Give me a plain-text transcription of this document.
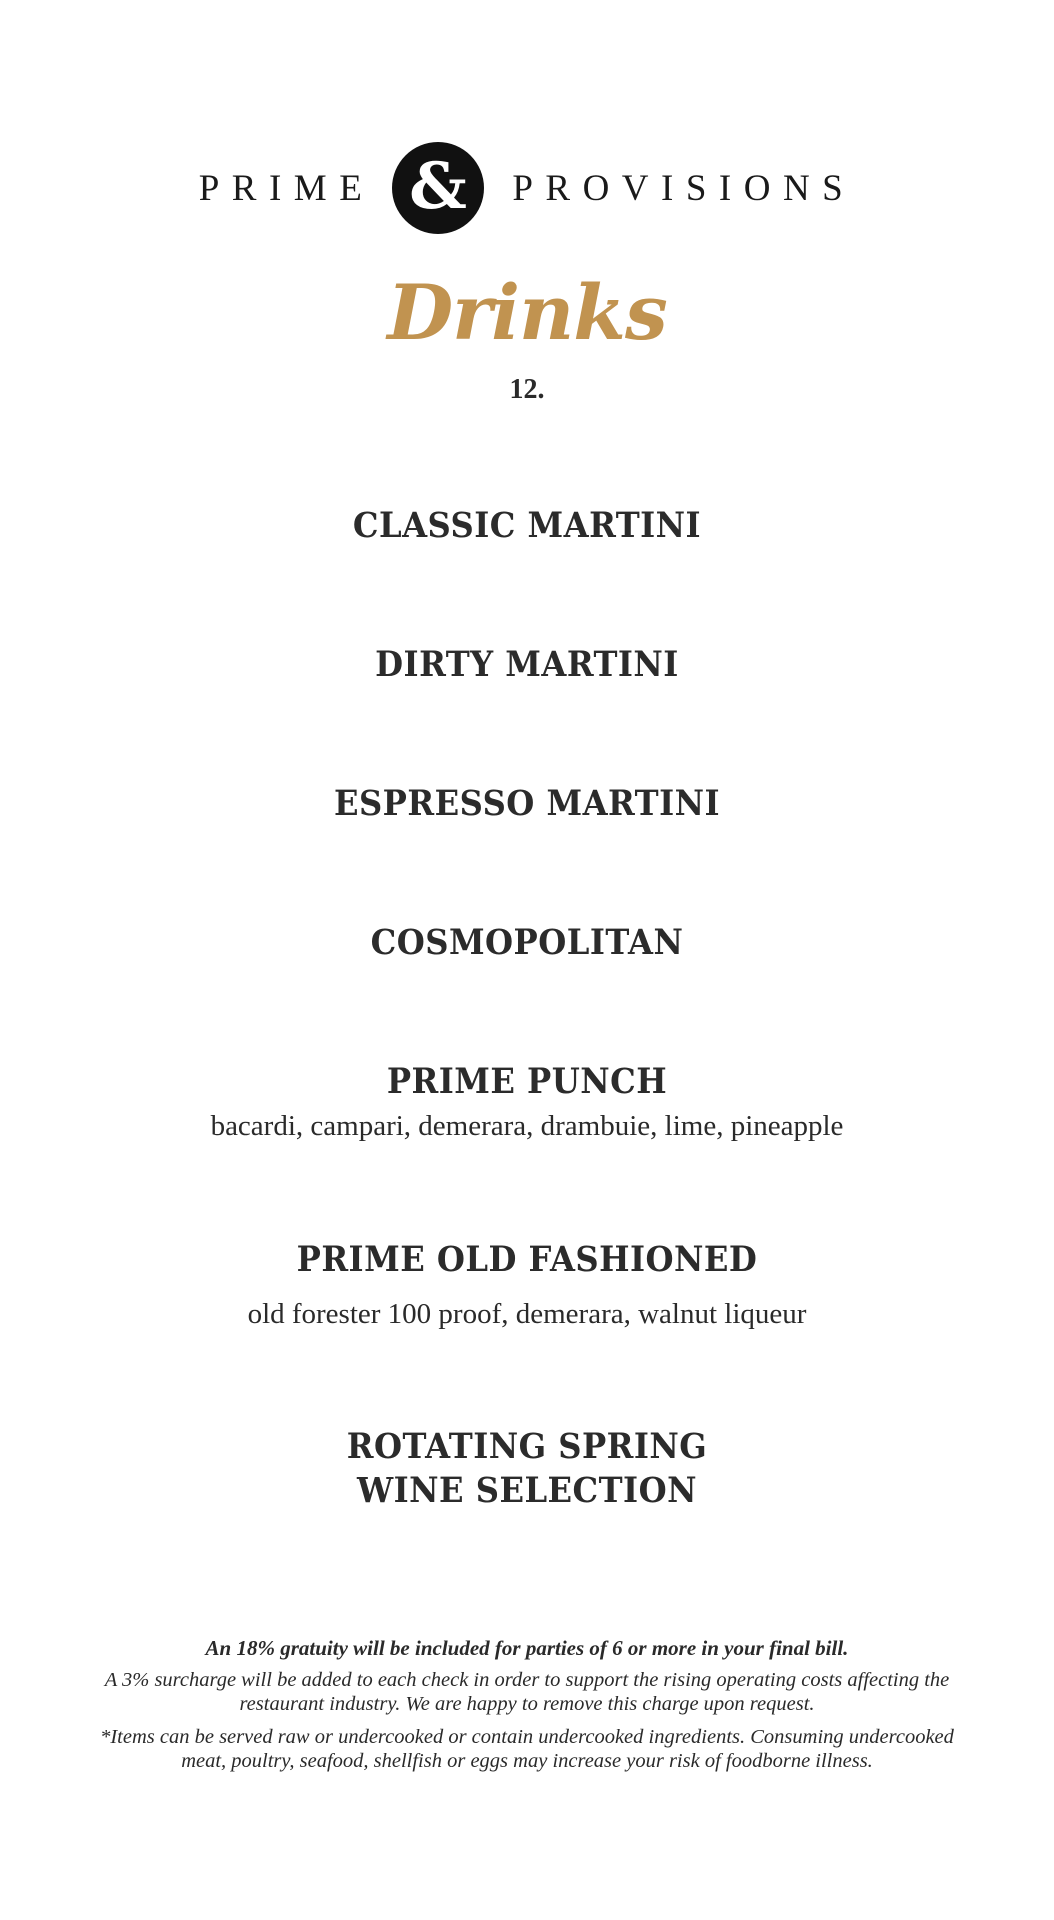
PRIME & PROVISIONS
Drinks
12.
CLASSIC MARTINI
DIRTY MARTINI
ESPRESSO MARTINI
COSMOPOLITAN
PRIME PUNCH
bacardi, campari, demerara, drambuie, lime, pineapple
PRIME OLD FASHIONED
old forester 100 proof, demerara, walnut liqueur
ROTATING SPRING
WINE SELECTION
An 18% gratuity will be included for parties of 6 or more in your final bill.
A 3% surcharge will be added to each check in order to support the rising operating costs affecting the
restaurant industry. We are happy to remove this charge upon request.
*Items can be served raw or undercooked or contain undercooked ingredients. Consuming undercooked
meat, poultry, seafood, shellfish or eggs may increase your risk of foodborne illness.
